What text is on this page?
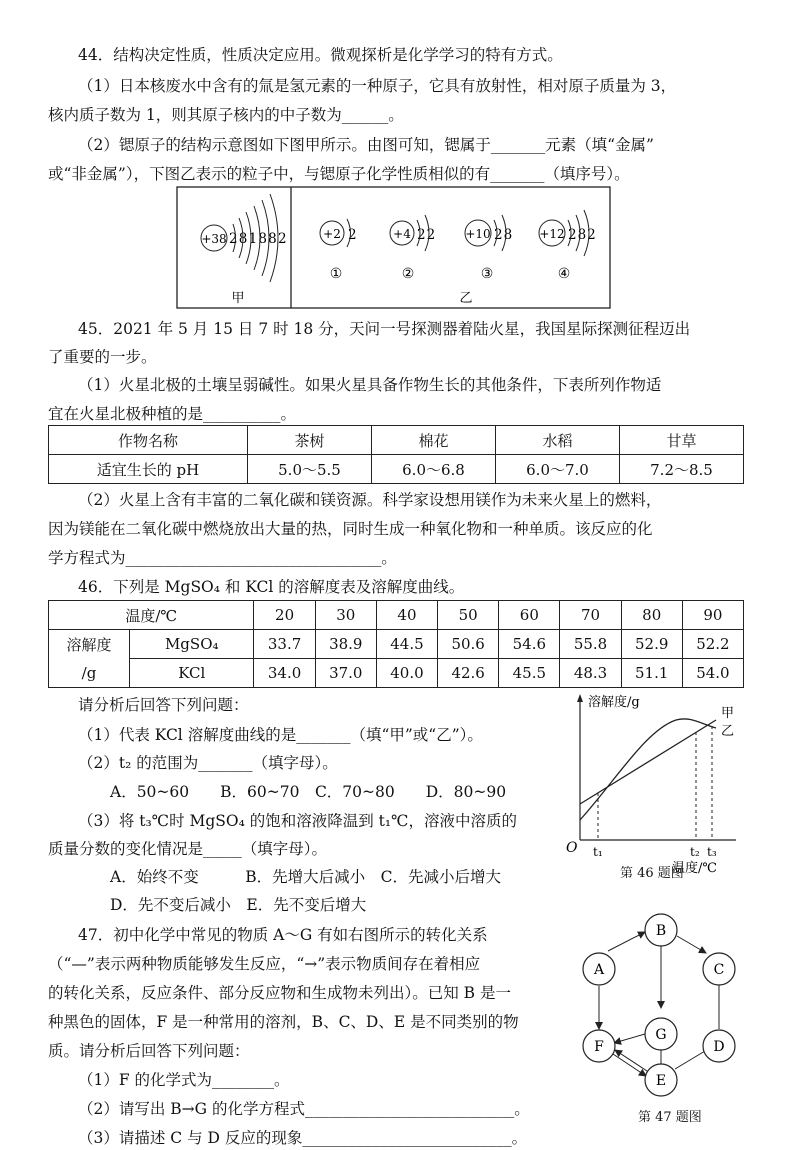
44．结构决定性质，性质决定应用。微观探析是化学学习的特有方式。
（1）日本核废水中含有的氚是氢元素的一种原子，它具有放射性，相对原子质量为 3，
核内质子数为 1，则其原子核内的中子数为______。
（2）锶原子的结构示意图如下图甲所示。由图可知，锶属于_______元素（填“金属”
或“非金属”），下图乙表示的粒子中，与锶原子化学性质相似的有_______（填序号）。
+38 281882
甲
+2 2
①
+4 22
②
+10 28
③
+12 282
④
乙
45．2021 年 5 月 15 日 7 时 18 分，天问一号探测器着陆火星，我国星际探测征程迈出
了重要的一步。
（1）火星北极的土壤呈弱碱性。如果火星具备作物生长的其他条件，下表所列作物适
宜在火星北极种植的是__________。
作物名称	茶树	棉花	水稻	甘草
适宜生长的 pH	5.0～5.5	6.0～6.8	6.0～7.0	7.2～8.5
（2）火星上含有丰富的二氧化碳和镁资源。科学家设想用镁作为未来火星上的燃料，
因为镁能在二氧化碳中燃烧放出大量的热，同时生成一种氧化物和一种单质。该反应的化
学方程式为_________________________________。
46．下列是 MgSO₄ 和 KCl 的溶解度表及溶解度曲线。
温度/℃		20	30	40	50	60	70	80	90
溶解度
/g	MgSO₄	33.7	38.9	44.5	50.6	54.6	55.8	52.9	52.2
	KCl	34.0	37.0	40.0	42.6	45.5	48.3	51.1	54.0
请分析后回答下列问题：
（1）代表 KCl 溶解度曲线的是_______（填“甲”或“乙”）。
（2）t₂ 的范围为_______（填字母）。
A．50~60　　B．60~70　C．70~80　　D．80~90
（3）将 t₃℃时 MgSO₄ 的饱和溶液降温到 t₁℃，溶液中溶质的
质量分数的变化情况是_____（填字母）。
A．始终不变　　　B．先增大后减小　C．先减小后增大
D．先不变后减小　E．先不变后增大
溶解度/g
O
甲
乙
t₁	t₂ t₃
温度/℃
第 46 题图
47．初中化学中常见的物质 A～G 有如右图所示的转化关系
（“—”表示两种物质能够发生反应，“→”表示物质间存在着相应
的转化关系，反应条件、部分反应物和生成物未列出）。已知 B 是一
种黑色的固体，F 是一种常用的溶剂，B、C、D、E 是不同类别的物
质。请分析后回答下列问题：
（1）F 的化学式为________。
（2）请写出 B→G 的化学方程式___________________________。
（3）请描述 C 与 D 反应的现象___________________________。
B
A	C
G
F	D
E
第 47 题图
